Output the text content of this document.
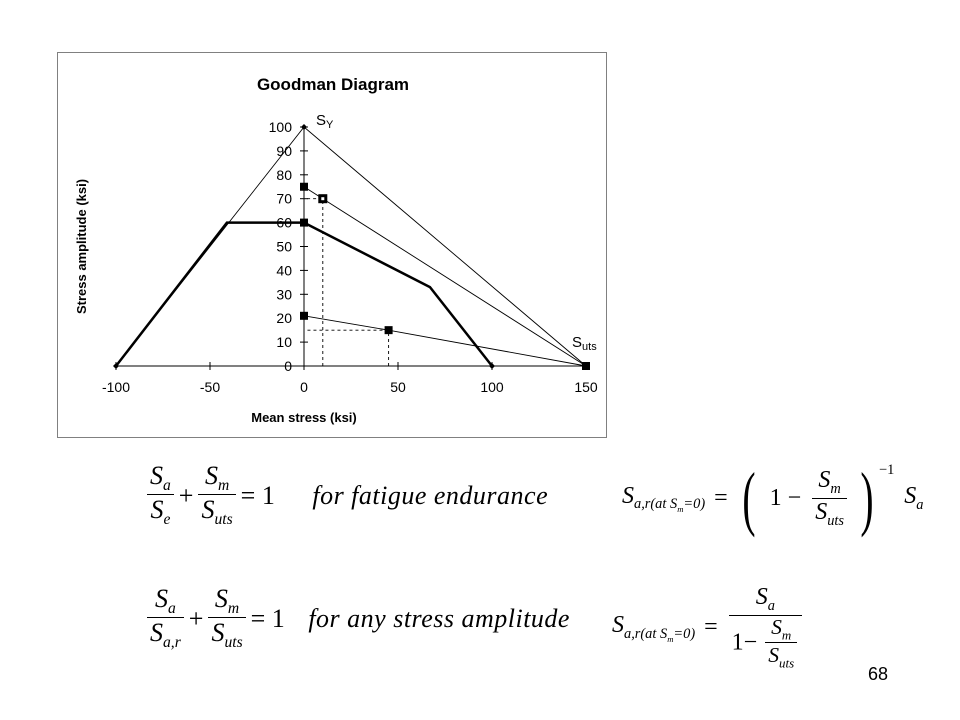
Goodman Diagram
-100	-50	0	50	100	150
0
10
20
30
40
50
60
70
80
90
100
Mean stress (ksi)
Stress amplitude (ksi)
$S_Y$
$S_{uts}$
$\frac{S_a}{S_e} + \frac{S_m}{S_{uts}} = 1$ for fatigue endurance
$\frac{S_a}{S_{a,r}} + \frac{S_m}{S_{uts}} = 1$ for any stress amplitude
$S_{a,r(at S_m=0)}$ = ( $1 - \frac{S_m}{S_{uts}}$ ) $^{-1}$ $S_a$
$S_{a,r(at S_m=0)} = \frac{S_a}{1- \frac{S_m}{S_{uts}}}$
68
